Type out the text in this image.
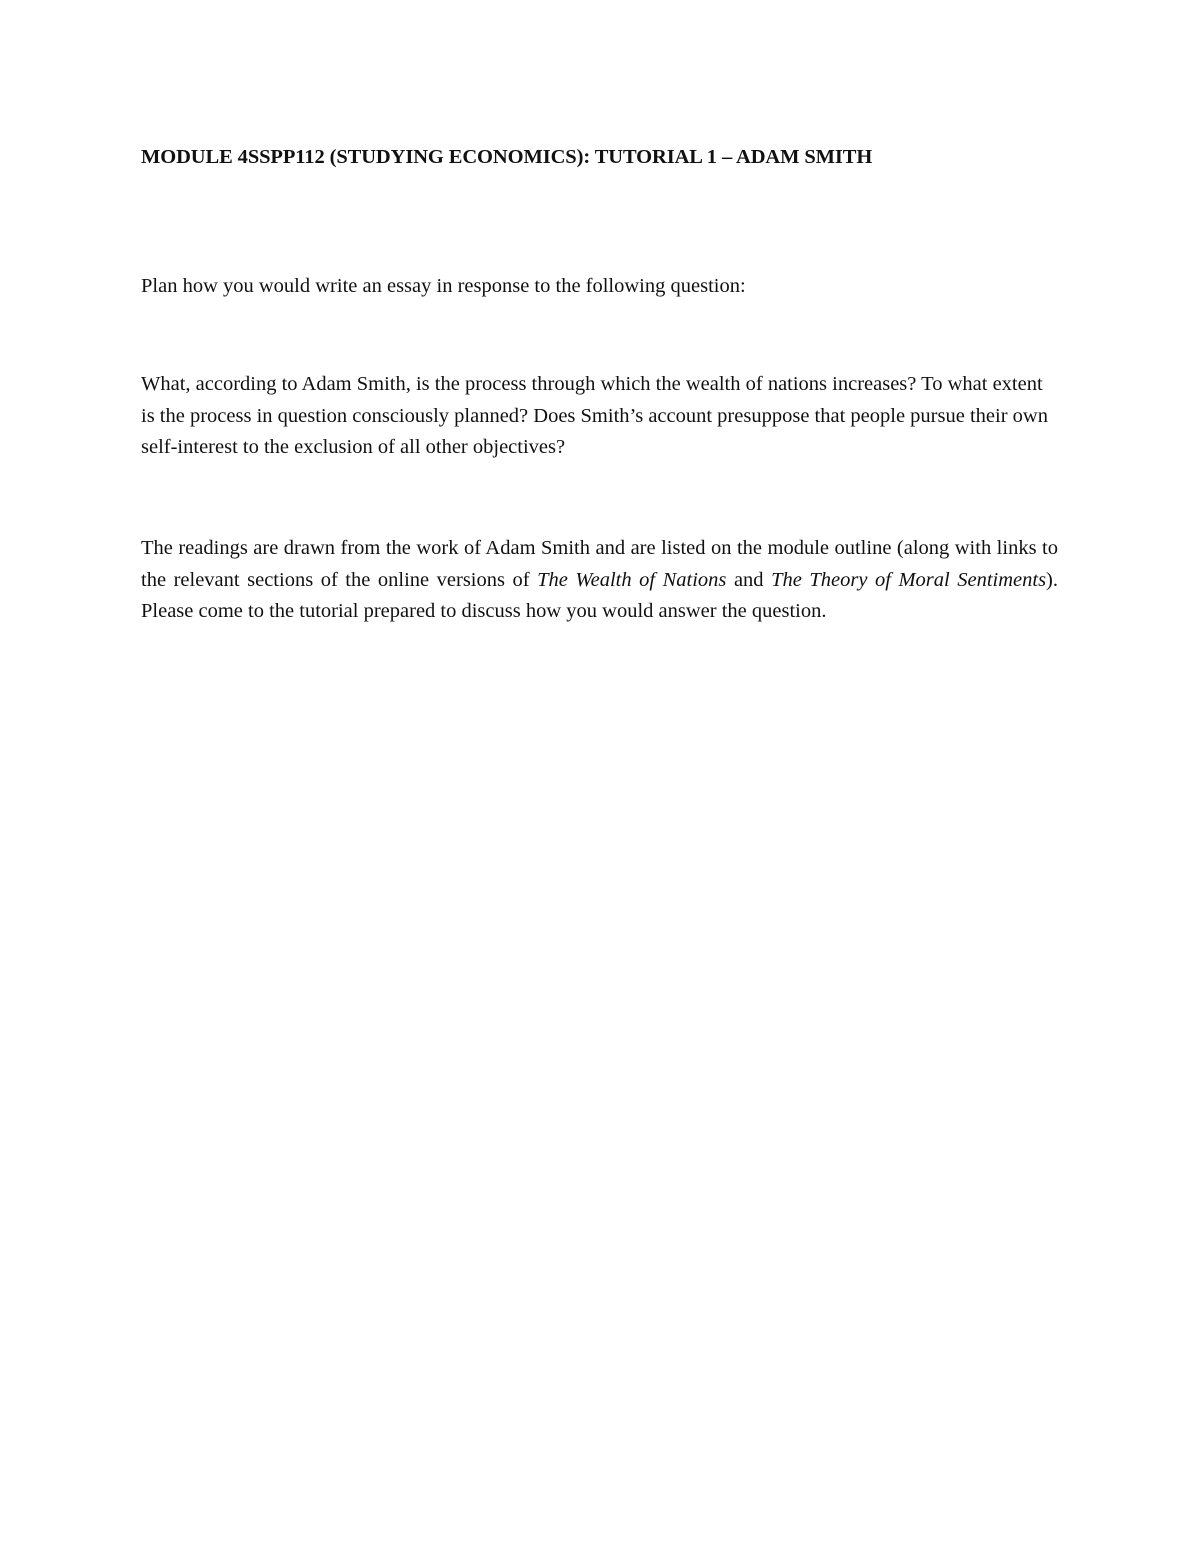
MODULE 4SSPP112 (STUDYING ECONOMICS): TUTORIAL 1 – ADAM SMITH

Plan how you would write an essay in response to the following question:

What, according to Adam Smith, is the process through which the wealth of nations increases? To what extent is the process in question consciously planned? Does Smith’s account presuppose that people pursue their own self-interest to the exclusion of all other objectives?

The readings are drawn from the work of Adam Smith and are listed on the module outline (along with links to the relevant sections of the online versions of The Wealth of Nations and The Theory of Moral Sentiments). Please come to the tutorial prepared to discuss how you would answer the question.
